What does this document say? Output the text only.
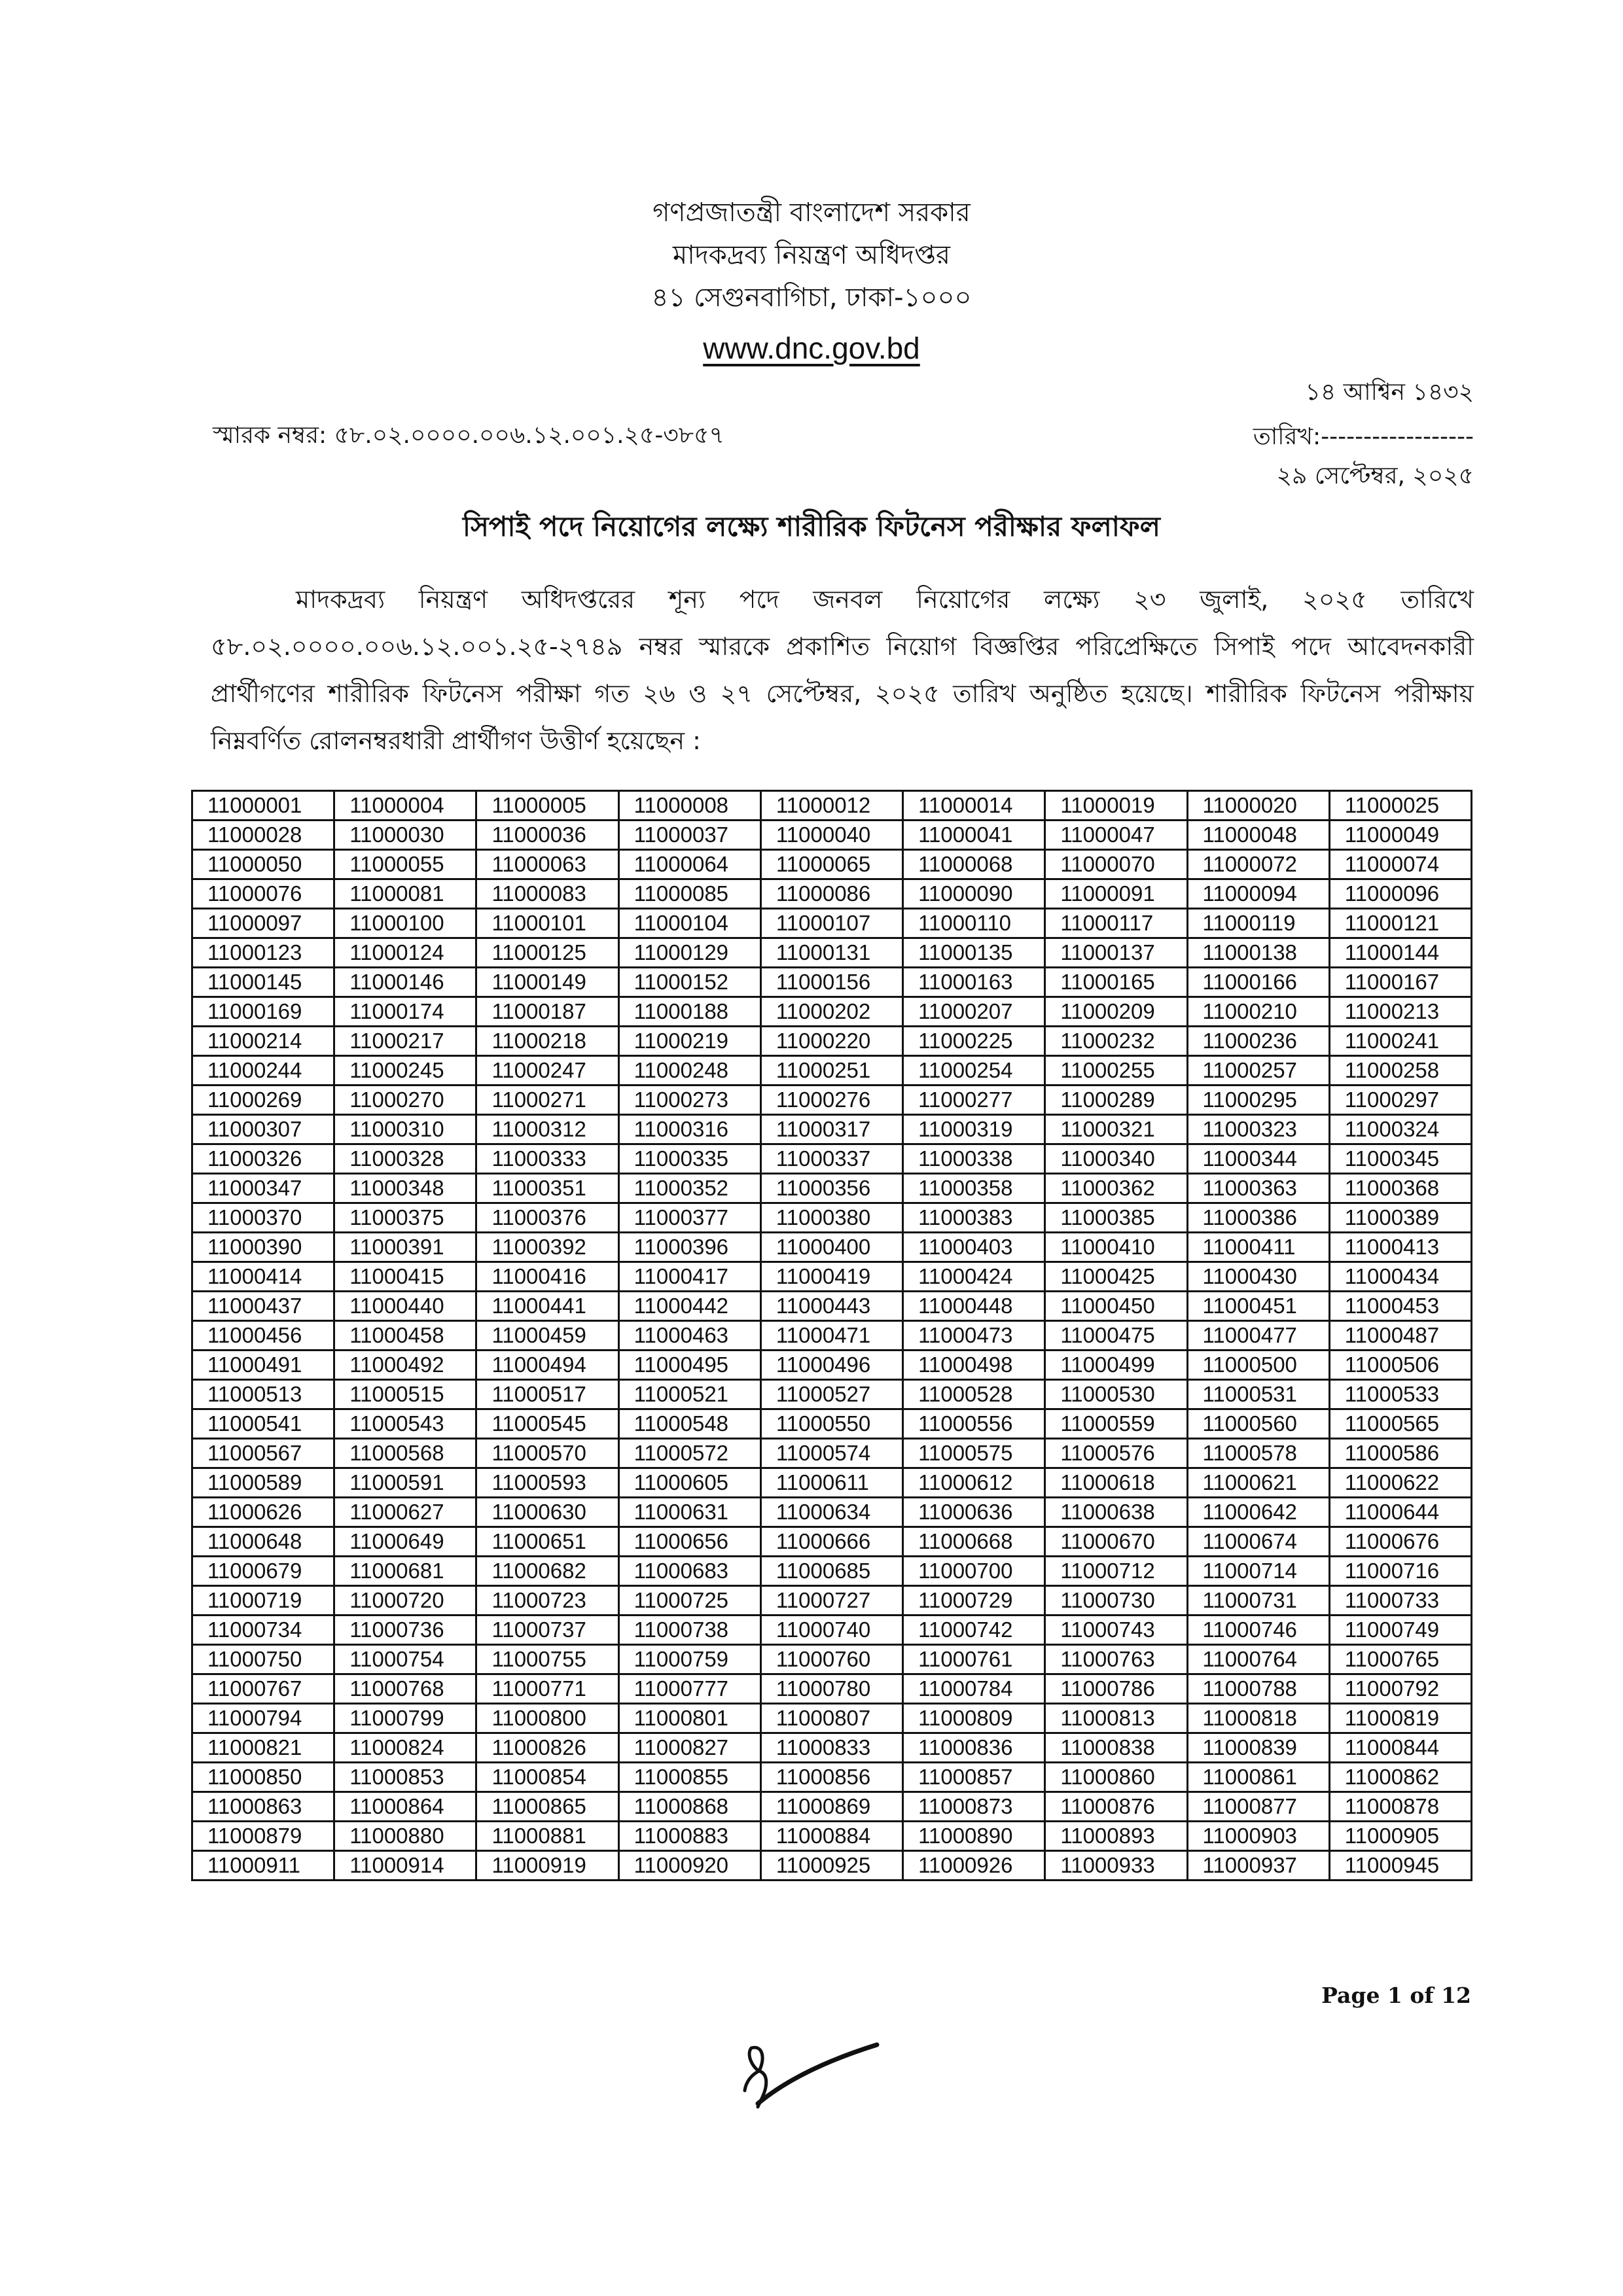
গণপ্রজাতন্ত্রী বাংলাদেশ সরকার
মাদকদ্রব্য নিয়ন্ত্রণ অধিদপ্তর
৪১ সেগুনবাগিচা, ঢাকা-১০০০
www.dnc.gov.bd
স্মারক নম্বর: ৫৮.০২.০০০০.০০৬.১২.০০১.২৫-৩৮৫৭
১৪ আশ্বিন ১৪৩২
তারিখ:------------------
২৯ সেপ্টেম্বর, ২০২৫
সিপাই পদে নিয়োগের লক্ষ্যে শারীরিক ফিটনেস পরীক্ষার ফলাফল
মাদকদ্রব্য নিয়ন্ত্রণ অধিদপ্তরের শূন্য পদে জনবল নিয়োগের লক্ষ্যে ২৩ জুলাই, ২০২৫ তারিখে ৫৮.০২.০০০০.০০৬.১২.০০১.২৫-২৭৪৯ নম্বর স্মারকে প্রকাশিত নিয়োগ বিজ্ঞপ্তির পরিপ্রেক্ষিতে সিপাই পদে আবেদনকারী প্রার্থীগণের শারীরিক ফিটনেস পরীক্ষা গত ২৬ ও ২৭ সেপ্টেম্বর, ২০২৫ তারিখ অনুষ্ঠিত হয়েছে। শারীরিক ফিটনেস পরীক্ষায় নিম্নবর্ণিত রোলনম্বরধারী প্রার্থীগণ উত্তীর্ণ হয়েছেন :
11000001	11000004	11000005	11000008	11000012	11000014	11000019	11000020	11000025
11000028	11000030	11000036	11000037	11000040	11000041	11000047	11000048	11000049
11000050	11000055	11000063	11000064	11000065	11000068	11000070	11000072	11000074
11000076	11000081	11000083	11000085	11000086	11000090	11000091	11000094	11000096
11000097	11000100	11000101	11000104	11000107	11000110	11000117	11000119	11000121
11000123	11000124	11000125	11000129	11000131	11000135	11000137	11000138	11000144
11000145	11000146	11000149	11000152	11000156	11000163	11000165	11000166	11000167
11000169	11000174	11000187	11000188	11000202	11000207	11000209	11000210	11000213
11000214	11000217	11000218	11000219	11000220	11000225	11000232	11000236	11000241
11000244	11000245	11000247	11000248	11000251	11000254	11000255	11000257	11000258
11000269	11000270	11000271	11000273	11000276	11000277	11000289	11000295	11000297
11000307	11000310	11000312	11000316	11000317	11000319	11000321	11000323	11000324
11000326	11000328	11000333	11000335	11000337	11000338	11000340	11000344	11000345
11000347	11000348	11000351	11000352	11000356	11000358	11000362	11000363	11000368
11000370	11000375	11000376	11000377	11000380	11000383	11000385	11000386	11000389
11000390	11000391	11000392	11000396	11000400	11000403	11000410	11000411	11000413
11000414	11000415	11000416	11000417	11000419	11000424	11000425	11000430	11000434
11000437	11000440	11000441	11000442	11000443	11000448	11000450	11000451	11000453
11000456	11000458	11000459	11000463	11000471	11000473	11000475	11000477	11000487
11000491	11000492	11000494	11000495	11000496	11000498	11000499	11000500	11000506
11000513	11000515	11000517	11000521	11000527	11000528	11000530	11000531	11000533
11000541	11000543	11000545	11000548	11000550	11000556	11000559	11000560	11000565
11000567	11000568	11000570	11000572	11000574	11000575	11000576	11000578	11000586
11000589	11000591	11000593	11000605	11000611	11000612	11000618	11000621	11000622
11000626	11000627	11000630	11000631	11000634	11000636	11000638	11000642	11000644
11000648	11000649	11000651	11000656	11000666	11000668	11000670	11000674	11000676
11000679	11000681	11000682	11000683	11000685	11000700	11000712	11000714	11000716
11000719	11000720	11000723	11000725	11000727	11000729	11000730	11000731	11000733
11000734	11000736	11000737	11000738	11000740	11000742	11000743	11000746	11000749
11000750	11000754	11000755	11000759	11000760	11000761	11000763	11000764	11000765
11000767	11000768	11000771	11000777	11000780	11000784	11000786	11000788	11000792
11000794	11000799	11000800	11000801	11000807	11000809	11000813	11000818	11000819
11000821	11000824	11000826	11000827	11000833	11000836	11000838	11000839	11000844
11000850	11000853	11000854	11000855	11000856	11000857	11000860	11000861	11000862
11000863	11000864	11000865	11000868	11000869	11000873	11000876	11000877	11000878
11000879	11000880	11000881	11000883	11000884	11000890	11000893	11000903	11000905
11000911	11000914	11000919	11000920	11000925	11000926	11000933	11000937	11000945
Page 1 of 12
